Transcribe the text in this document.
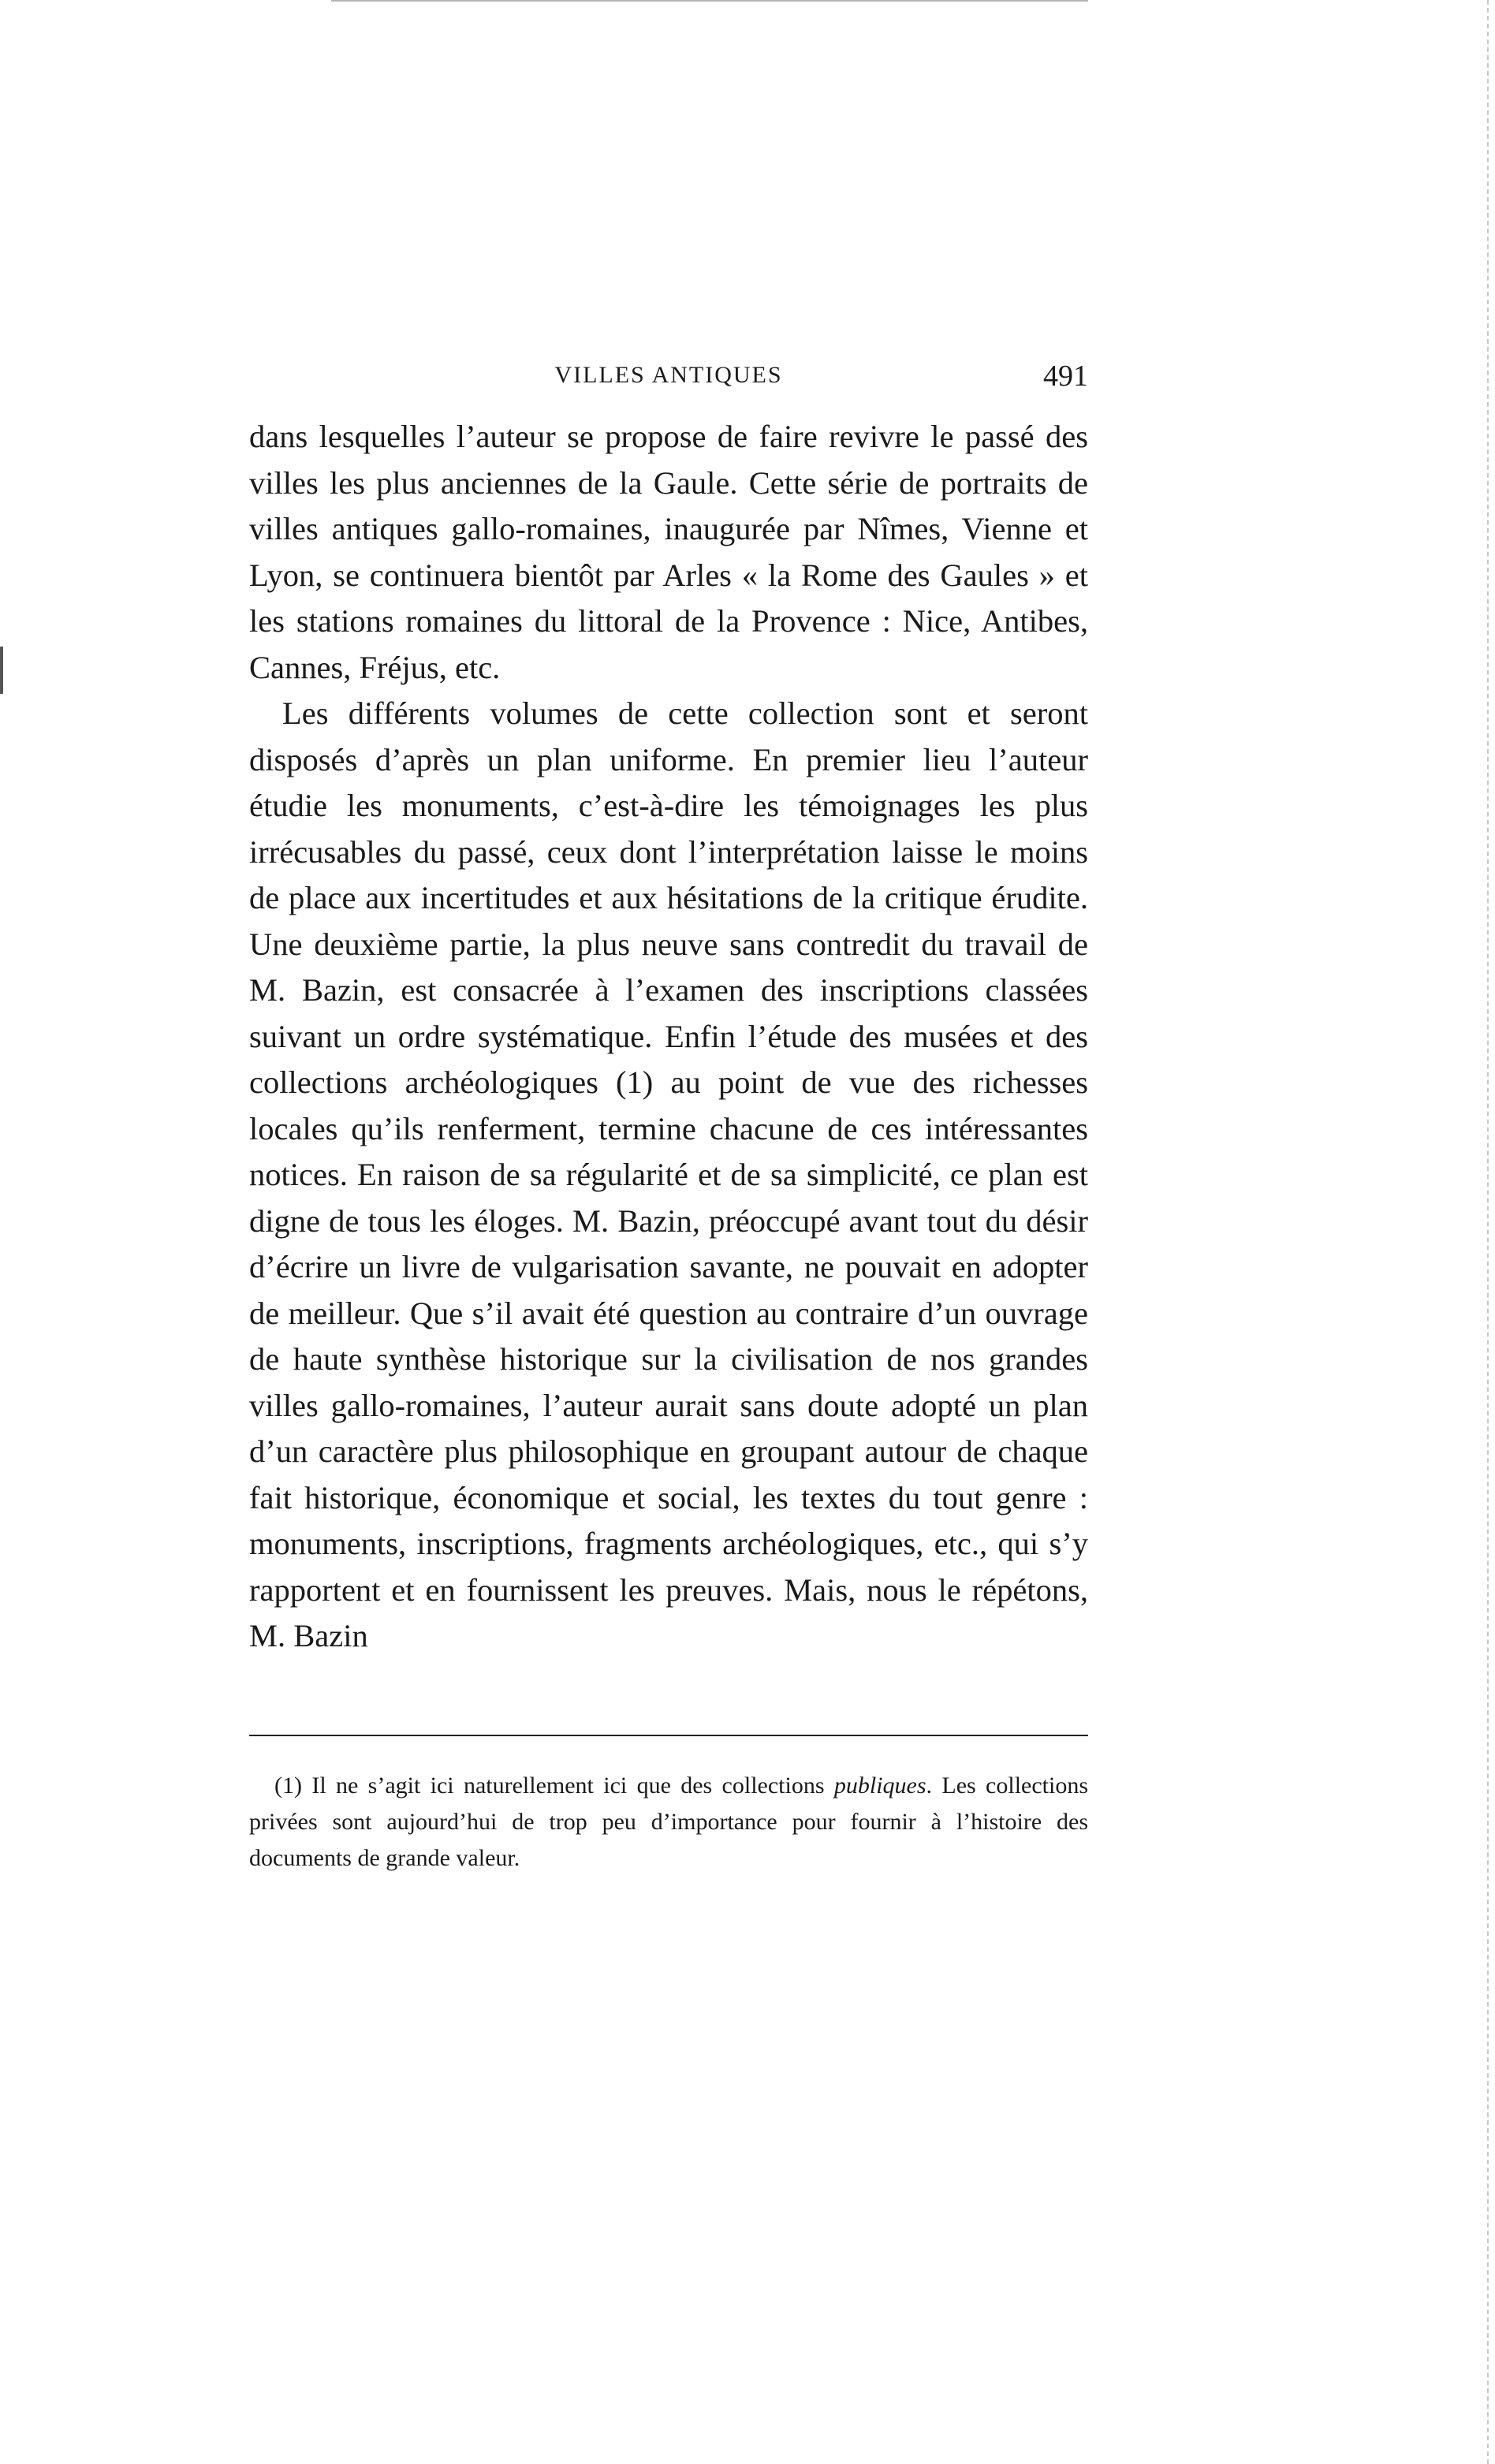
VILLES ANTIQUES	491

dans lesquelles l’auteur se propose de faire revivre le passé des villes les plus anciennes de la Gaule. Cette série de portraits de villes antiques gallo-romaines, inaugurée par Nîmes, Vienne et Lyon, se continuera bientôt par Arles « la Rome des Gaules » et les stations romaines du littoral de la Provence : Nice, Antibes, Cannes, Fréjus, etc.

Les différents volumes de cette collection sont et seront disposés d’après un plan uniforme. En premier lieu l’auteur étudie les monuments, c’est-à-dire les témoignages les plus irrécusables du passé, ceux dont l’interprétation laisse le moins de place aux incertitudes et aux hésitations de la critique érudite. Une deuxième partie, la plus neuve sans contredit du travail de M. Bazin, est consacrée à l’examen des inscriptions classées suivant un ordre systématique. Enfin l’étude des musées et des collections archéologiques (1) au point de vue des richesses locales qu’ils renferment, termine chacune de ces intéressantes notices. En raison de sa régularité et de sa simplicité, ce plan est digne de tous les éloges. M. Bazin, préoccupé avant tout du désir d’écrire un livre de vulgarisation savante, ne pouvait en adopter de meilleur. Que s’il avait été question au contraire d’un ouvrage de haute synthèse historique sur la civilisation de nos grandes villes gallo-romaines, l’auteur aurait sans doute adopté un plan d’un caractère plus philosophique en groupant autour de chaque fait historique, économique et social, les textes du tout genre : monuments, inscriptions, fragments archéologiques, etc., qui s’y rapportent et en fournissent les preuves. Mais, nous le répétons, M. Bazin

(1) Il ne s’agit ici naturellement ici que des collections publiques. Les collections privées sont aujourd’hui de trop peu d’importance pour fournir à l’histoire des documents de grande valeur.
